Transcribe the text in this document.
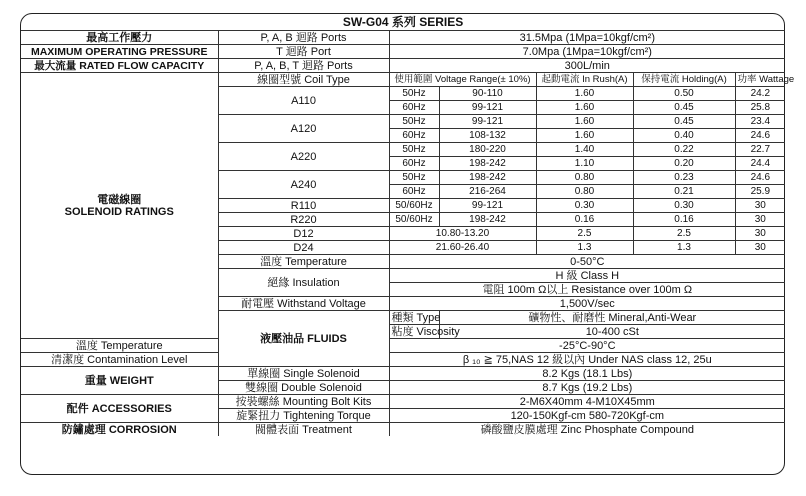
SW-G04 系列 SERIES						
最高工作壓力	P, A, B 迴路 Ports	31.5Mpa (1Mpa=10kgf/cm²)				
MAXIMUM OPERATING PRESSURE	T 迴路 Port	7.0Mpa (1Mpa=10kgf/cm²)				
最大流量 RATED FLOW CAPACITY	P, A, B, T 迴路 Ports	300L/min				

電磁線圈
SOLENOID RATINGS	線圈型號 Coil Type	使用範圍 Voltage Range(± 10%)		起動電流 In Rush(A)	保持電流 Holding(A)	功率 Wattage
	A110	50Hz	90-110	1.60	0.50	24.2
		60Hz	99-121	1.60	0.45	25.8
	A120	50Hz	99-121	1.60	0.45	23.4
		60Hz	108-132	1.60	0.40	24.6
	A220	50Hz	180-220	1.40	0.22	22.7
		60Hz	198-242	1.10	0.20	24.4
	A240	50Hz	198-242	0.80	0.23	24.6
		60Hz	216-264	0.80	0.21	25.9
	R110	50/60Hz	99-121	0.30	0.30	30
	R220	50/60Hz	198-242	0.16	0.16	30
	D12	10.80-13.20		2.5	2.5	30
	D24	21.60-26.40		1.3	1.3	30
	溫度 Temperature	0-50°C				
	絕緣 Insulation	H 級 Class H				
		電阻 100m Ω以上 Resistance over 100m Ω				
	耐電壓 Withstand Voltage	1,500V/sec				
	液壓油品 FLUIDS	種類 Type	礦物性、耐磨性 Mineral,Anti-Wear			
		粘度 Viscosity	10-400 cSt			
溫度 Temperature		-25°C-90°C				
清潔度 Contamination Level		β ₁₀ ≧ 75,NAS 12 級以內 Under NAS class 12, 25u				
重量 WEIGHT	單線圈 Single Solenoid	8.2 Kgs (18.1 Lbs)				
	雙線圈 Double Solenoid	8.7 Kgs (19.2 Lbs)				
配件 ACCESSORIES	按裝螺絲 Mounting Bolt Kits	2-M6X40mm 4-M10X45mm				
	旋緊扭力 Tightening Torque	120-150Kgf-cm 580-720Kgf-cm				
防鏽處理 CORROSION	閥體表面 Treatment	磷酸鹽皮膜處理 Zinc Phosphate Compound				
